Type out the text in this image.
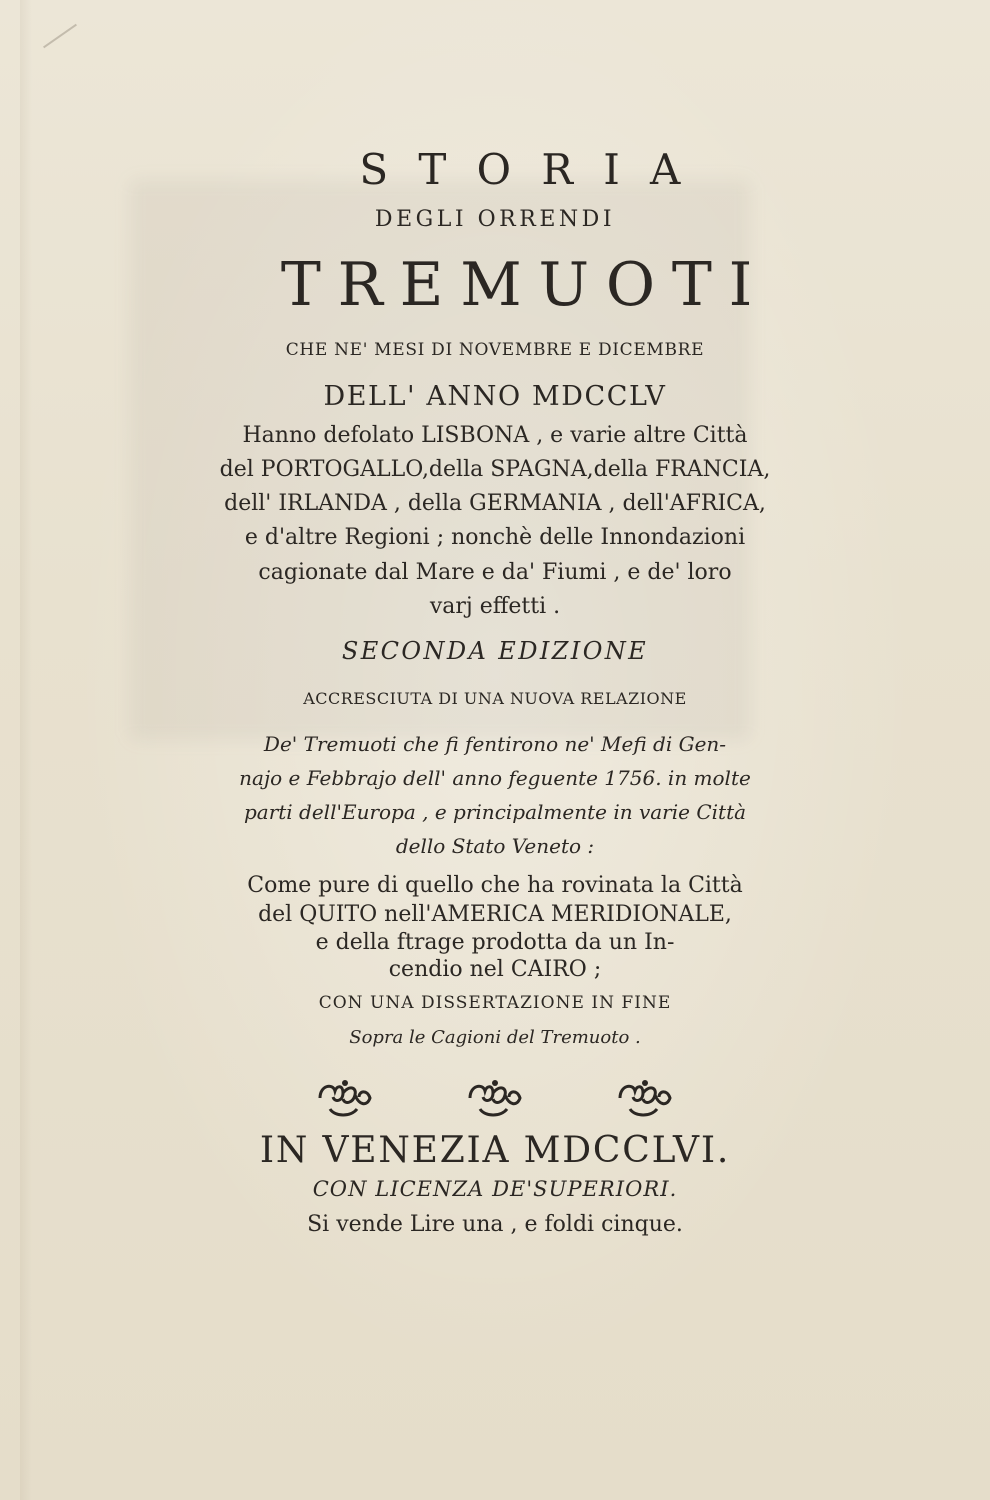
STORIA
DEGLI ORRENDI
TREMUOTI
CHE NE' MESI DI NOVEMBRE E DICEMBRE
DELL' ANNO MDCCLV
Hanno defolato LISBONA , e varie altre Città
del PORTOGALLO,della SPAGNA,della FRANCIA,
dell' IRLANDA , della GERMANIA , dell'AFRICA,
e d'altre Regioni ; nonchè delle Innondazioni
cagionate dal Mare e da' Fiumi , e de' loro
varj effetti .
SECONDA EDIZIONE
ACCRESCIUTA DI UNA NUOVA RELAZIONE
De' Tremuoti che fi fentirono ne' Mefi di Gen-
najo e Febbrajo dell' anno feguente 1756. in molte
parti dell'Europa , e principalmente in varie Città
dello Stato Veneto :
Come pure di quello che ha rovinata la Città
del QUITO nell'AMERICA MERIDIONALE,
e della ftrage prodotta da un In-
cendio nel CAIRO ;
CON UNA DISSERTAZIONE IN FINE
Sopra le Cagioni del Tremuoto .
IN VENEZIA MDCCLVI.
CON LICENZA DE'SUPERIORI.
Si vende Lire una , e foldi cinque.
